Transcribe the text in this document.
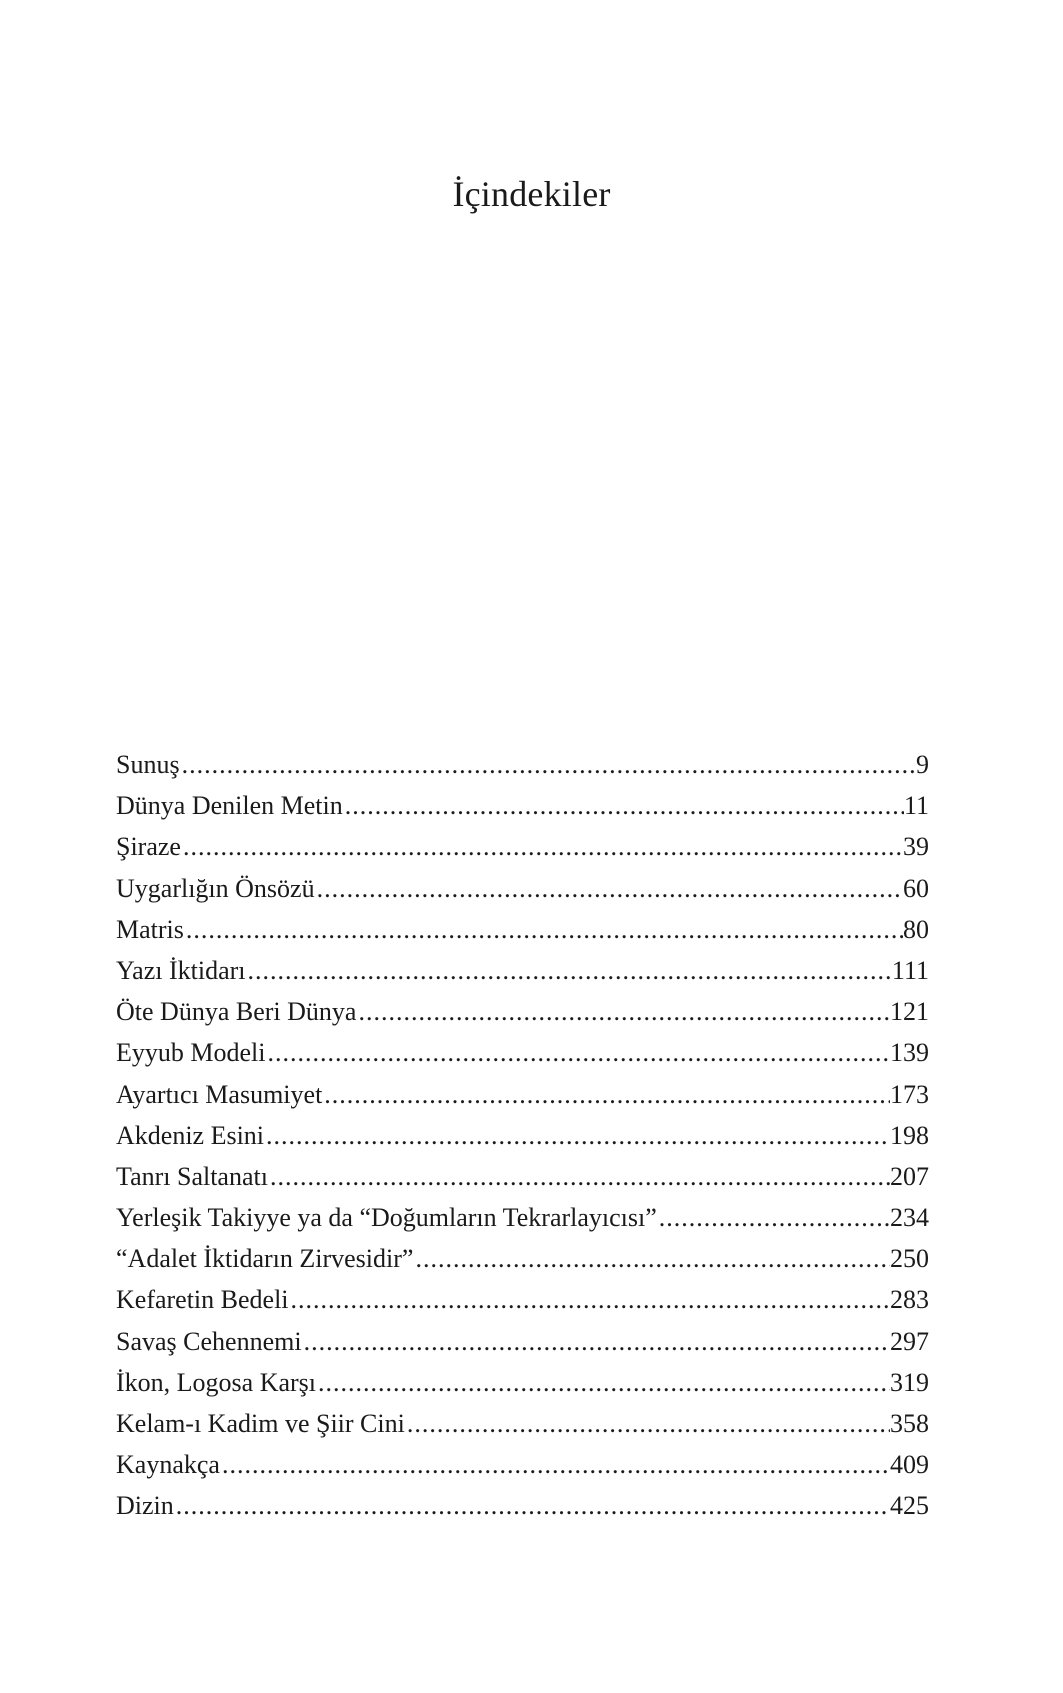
İçindekiler
Sunuş .....	9
Dünya Denilen Metin .....	11
Şiraze .....	39
Uygarlığın Önsözü .....	60
Matris .....	80
Yazı İktidarı .....	111
Öte Dünya Beri Dünya .....	121
Eyyub Modeli .....	139
Ayartıcı Masumiyet .....	173
Akdeniz Esini .....	198
Tanrı Saltanatı .....	207
Yerleşik Takiyye ya da “Doğumların Tekrarlayıcısı” .....	234
“Adalet İktidarın Zirvesidir” .....	250
Kefaretin Bedeli .....	283
Savaş Cehennemi .....	297
İkon, Logosa Karşı .....	319
Kelam-ı Kadim ve Şiir Cini .....	358
Kaynakça .....	409
Dizin .....	425
